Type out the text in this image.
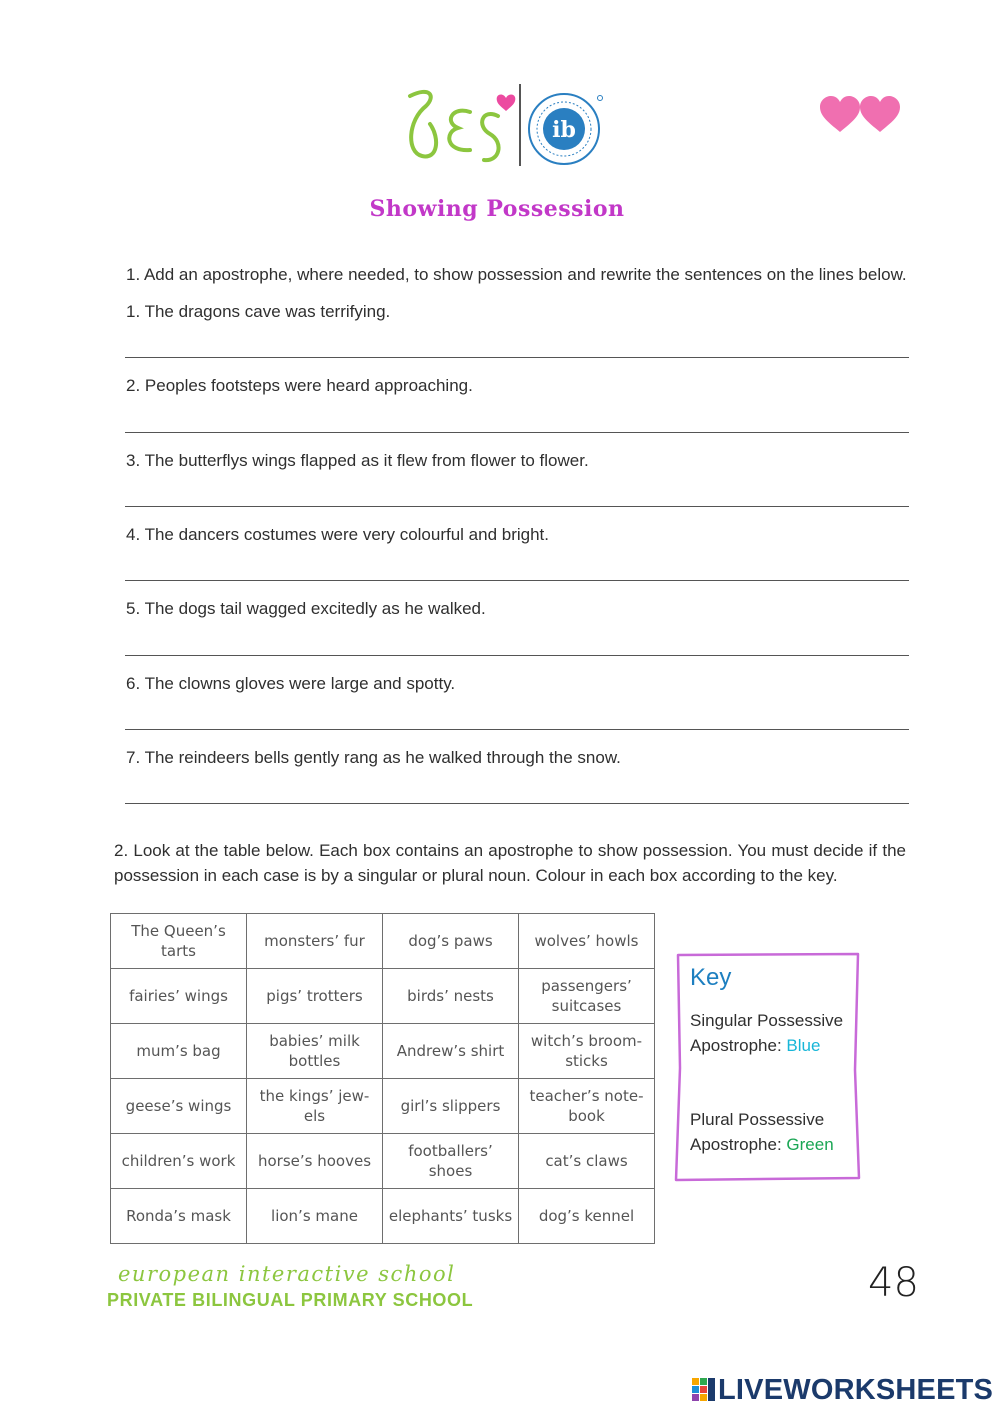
ib
Showing Possession
1. Add an apostrophe, where needed, to show possession and rewrite the sentences on the lines below.
1. The dragons cave was terrifying.
2. Peoples footsteps were heard approaching.
3. The butterflys wings flapped as it flew from flower to flower.
4. The dancers costumes were very colourful and bright.
5. The dogs tail wagged excitedly as he walked.
6. The clowns gloves were large and spotty.
7. The reindeers bells gently rang as he walked through the snow.
2. Look at the table below. Each box contains an apostrophe to show possession. You must decide if the possession in each case is by a singular or plural noun. Colour in each box according to the key.
The Queen’s tarts	monsters’ fur	dog’s paws	wolves’ howls
fairies’ wings	pigs’ trotters	birds’ nests	passengers’ suitcases
mum’s bag	babies’ milk bottles	Andrew’s shirt	witch’s broom-sticks
geese’s wings	the kings’ jew-els	girl’s slippers	teacher’s note-book
children’s work	horse’s hooves	footballers’ shoes	cat’s claws
Ronda’s mask	lion’s mane	elephants’ tusks	dog’s kennel
Key
Singular Possessive
Apostrophe: Blue
Plural Possessive
Apostrophe: Green
european interactive school
PRIVATE BILINGUAL PRIMARY SCHOOL	48
LIVEWORKSHEETS
